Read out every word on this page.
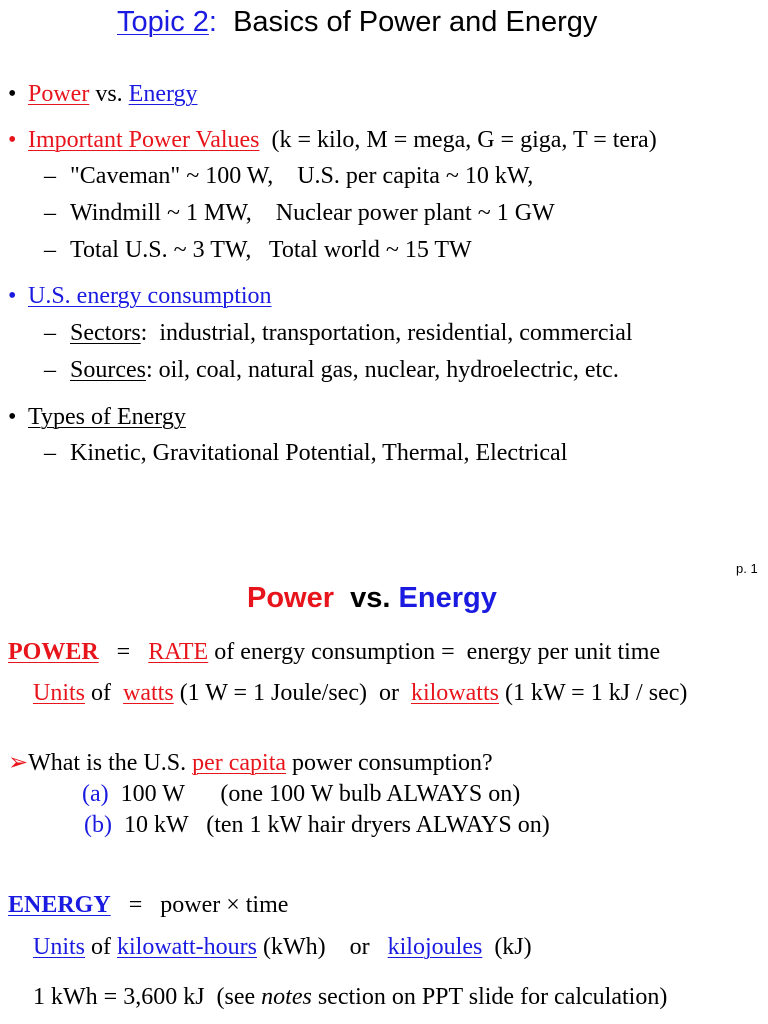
Topic 2: Basics of Power and Energy
• Power vs. Energy
• Important Power Values (k = kilo, M = mega, G = giga, T = tera)
– "Caveman" ~ 100 W,    U.S. per capita ~ 10 kW,
– Windmill ~ 1 MW,    Nuclear power plant ~ 1 GW
– Total U.S. ~ 3 TW,   Total world ~ 15 TW
• U.S. energy consumption
– Sectors:  industrial, transportation, residential, commercial
– Sources: oil, coal, natural gas, nuclear, hydroelectric, etc.
• Types of Energy
– Kinetic, Gravitational Potential, Thermal, Electrical
p. 1
Power vs. Energy
POWER = RATE of energy consumption =  energy per unit time
Units of watts (1 W = 1 Joule/sec)  or kilowatts (1 kW = 1 kJ / sec)
➢What is the U.S. per capita power consumption?
(a) 100 W      (one 100 W bulb ALWAYS on)
(b) 10 kW   (ten 1 kW hair dryers ALWAYS on)
ENERGY = power × time
Units of kilowatt-hours (kWh)    or kilojoules (kJ)
1 kWh = 3,600 kJ  (see notes section on PPT slide for calculation)
